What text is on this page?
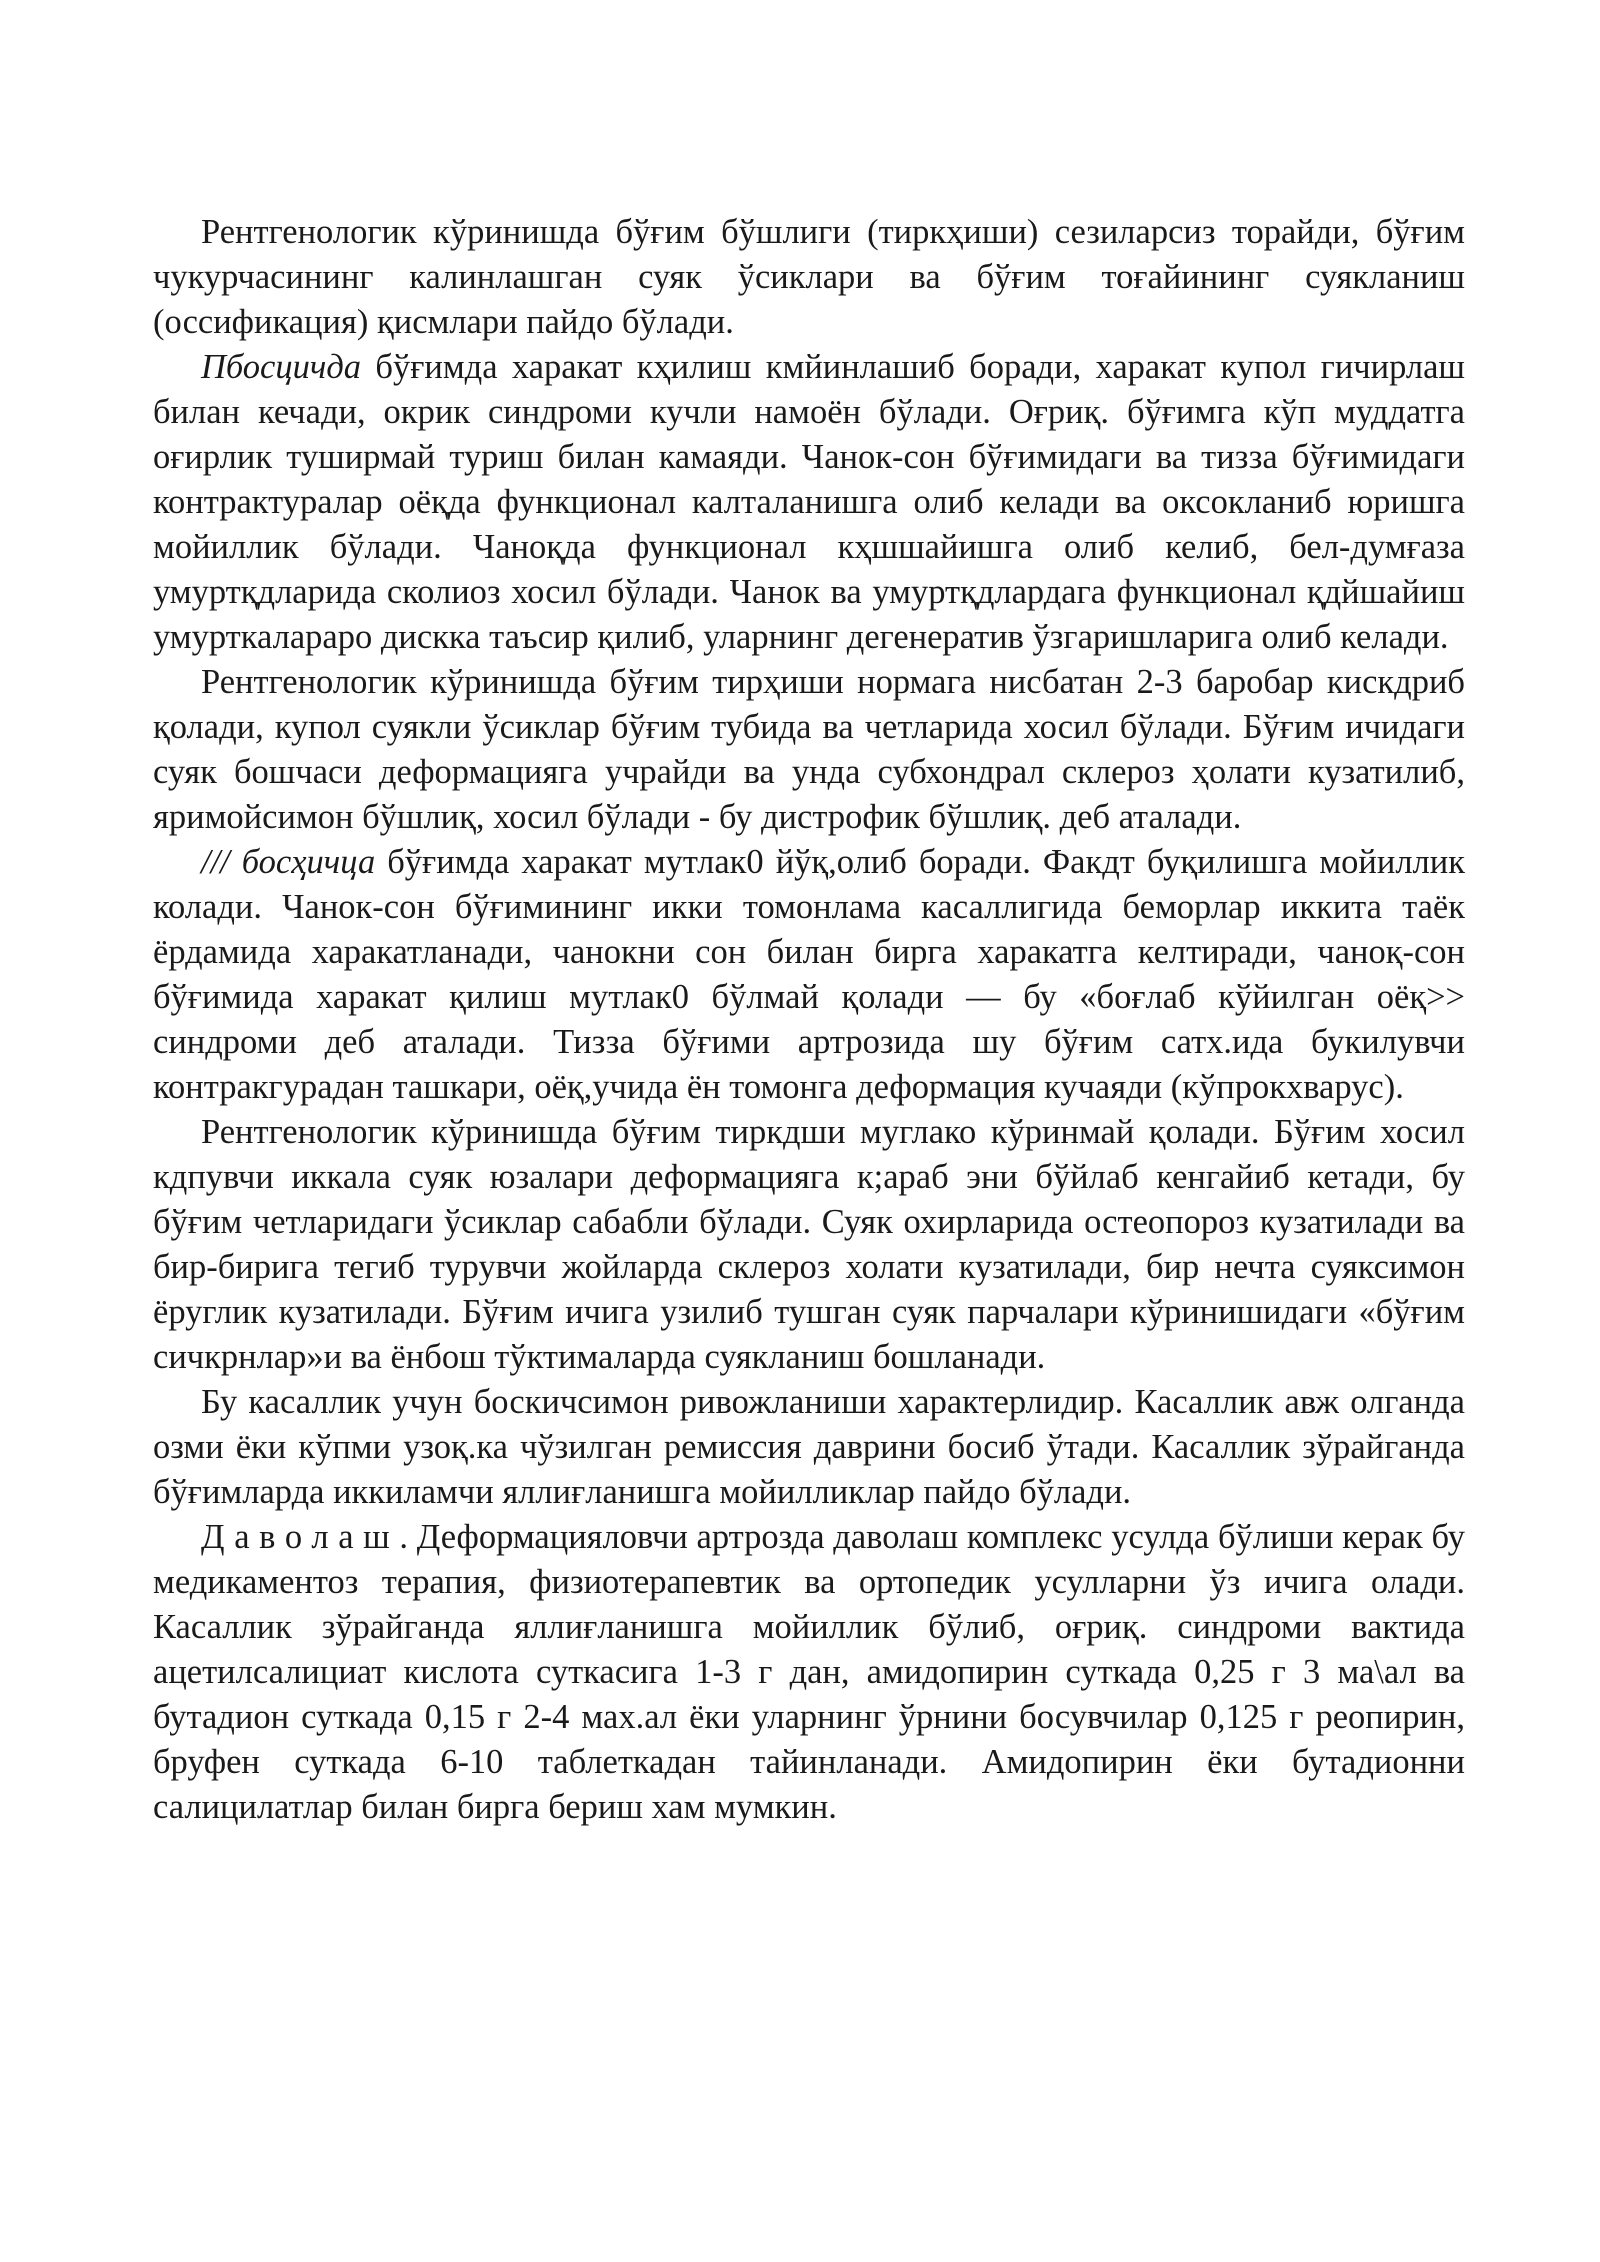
Рентгенологик кўринишда бўғим бўшлиги (тиркҳиши) сезиларсиз торайди, бўғим чукурчасининг калинлашган суяк ўсиклари ва бўғим тоғайининг суякланиш (оссификация) қисмлари пайдо бўлади.

Пбосцичда бўғимда харакат кҳилиш кмйинлашиб боради, харакат купол гичирлаш билан кечади, окрик синдроми кучли намоён бўлади. Оғриқ. бўғимга кўп муддатга оғирлик туширмай туриш билан камаяди. Чанок-сон бўғимидаги ва тизза бўғимидаги контрактуралар оёқда функционал калталанишга олиб келади ва оксокланиб юришга мойиллик бўлади. Чаноқда функционал кҳшшайишга олиб келиб, бел-думғаза умуртқдларида сколиоз хосил бўлади. Чанок ва умуртқдлардага функционал қдйшайиш умурткалараро дискка таъсир қилиб, уларнинг дегенератив ўзгаришларига олиб келади.

Рентгенологик кўринишда бўғим тирҳиши нормага нисбатан 2-3 баробар кискдриб қолади, купол суякли ўсиклар бўғим тубида ва четларида хосил бўлади. Бўғим ичидаги суяк бошчаси деформацияга учрайди ва унда субхондрал склероз ҳолати кузатилиб, яримойсимон бўшлиқ, хосил бўлади - бу дистрофик бўшлиқ. деб аталади.

/// босҳичца бўғимда харакат мутлак0 йўқ,олиб боради. Факдт буқилишга мойиллик колади. Чанок-сон бўғимининг икки томонлама касаллигида беморлар иккита таёк ёрдамида харакатланади, чанокни сон билан бирга харакатга келтиради, чаноқ-сон бўғимида харакат қилиш мутлак0 бўлмай қолади — бу «боғлаб кўйилган оёқ>> синдроми деб аталади. Тизза бўғими артрозида шу бўғим сатх.ида букилувчи контракгурадан ташкари, оёқ,учида ён томонга деформация кучаяди (кўпрокхварус).

Рентгенологик кўринишда бўғим тиркдши муглако кўринмай қолади. Бўғим хосил кдпувчи иккала суяк юзалари деформацияга к;араб эни бўйлаб кенгайиб кетади, бу бўғим четларидаги ўсиклар сабабли бўлади. Суяк охирларида остеопороз кузатилади ва бир-бирига тегиб турувчи жойларда склероз холати кузатилади, бир нечта суяксимон ёруглик кузатилади. Бўғим ичига узилиб тушган суяк парчалари кўринишидаги «бўғим сичкрнлар»и ва ёнбош тўктималарда суякланиш бошланади.

Бу касаллик учун боскичсимон ривожланиши характерлидир. Касаллик авж олганда озми ёки кўпми узоқ.ка чўзилган ремиссия даврини босиб ўтади. Касаллик зўрайганда бўғимларда иккиламчи яллиғланишга мойилликлар пайдо бўлади.

Даволаш. Деформацияловчи артрозда даволаш комплекс усулда бўлиши керак бу медикаментоз терапия, физиотерапевтик ва ортопедик усулларни ўз ичига олади. Касаллик зўрайганда яллиғланишга мойиллик бўлиб, оғриқ. синдроми вактида ацетилсалициат кислота суткасига 1-3 г дан, амидопирин суткада 0,25 г 3 ма\ал ва бутадион суткада 0,15 г 2-4 мах.ал ёки уларнинг ўрнини босувчилар 0,125 г реопирин, бруфен суткада 6-10 таблеткадан тайинланади. Амидопирин ёки бутадионни салицилатлар билан бирга бериш хам мумкин.
